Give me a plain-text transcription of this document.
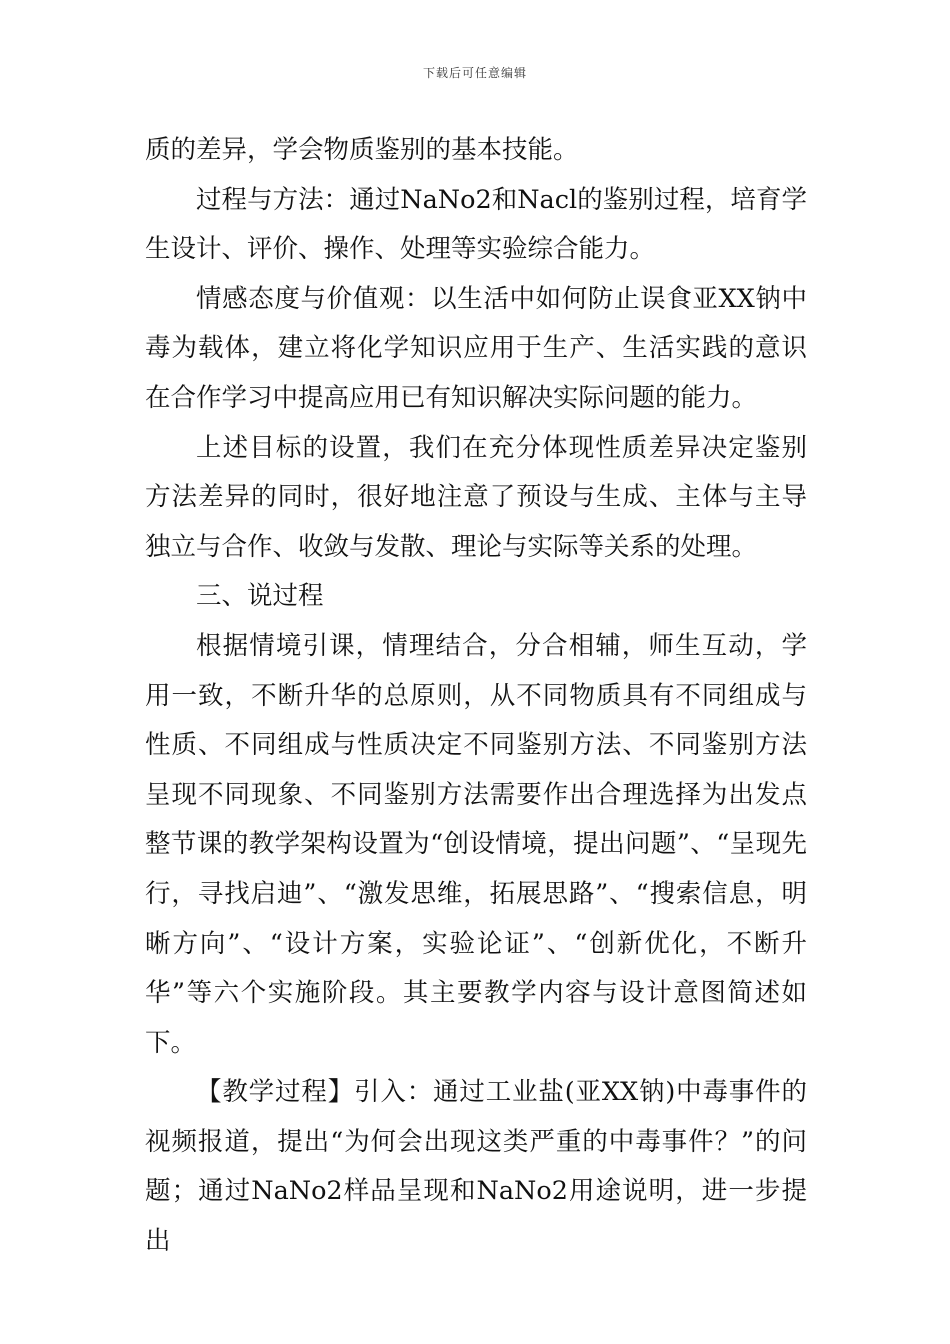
下载后可任意编辑

质的差异，学会物质鉴别的基本技能。

过程与方法：通过NaNo2和Nacl的鉴别过程，培育学生设计、评价、操作、处理等实验综合能力。

情感态度与价值观：以生活中如何防止误食亚XX钠中毒为载体，建立将化学知识应用于生产、生活实践的意识在合作学习中提高应用已有知识解决实际问题的能力。

上述目标的设置，我们在充分体现性质差异决定鉴别方法差异的同时，很好地注意了预设与生成、主体与主导独立与合作、收敛与发散、理论与实际等关系的处理。

三、说过程

根据情境引课，情理结合，分合相辅，师生互动，学用一致，不断升华的总原则，从不同物质具有不同组成与性质、不同组成与性质决定不同鉴别方法、不同鉴别方法呈现不同现象、不同鉴别方法需要作出合理选择为出发点整节课的教学架构设置为“创设情境，提出问题”、“呈现先行，寻找启迪”、“激发思维，拓展思路”、“搜索信息，明晰方向”、“设计方案，实验论证”、“创新优化，不断升华”等六个实施阶段。其主要教学内容与设计意图简述如下。

【教学过程】引入：通过工业盐(亚XX钠)中毒事件的视频报道，提出“为何会出现这类严重的中毒事件？”的问题；通过NaNo2样品呈现和NaNo2用途说明，进一步提出
